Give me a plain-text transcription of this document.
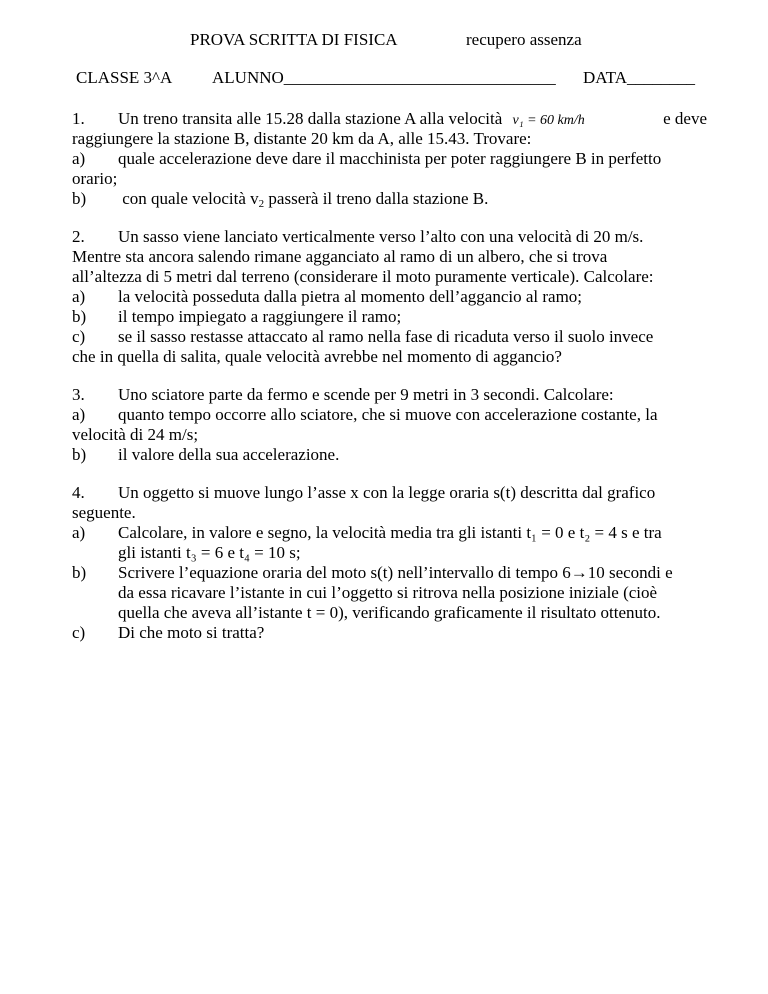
PROVA SCRITTA DI FISICA	recupero assenza
CLASSE 3^A ALUNNO________________________________ DATA________
1. Un treno transita alle 15.28 dalla stazione A alla velocità v₁ = 60 km/h	e deve
raggiungere la stazione B, distante 20 km da A, alle 15.43. Trovare:
a) quale accelerazione deve dare il macchinista per poter raggiungere B in perfetto
orario;
b) con quale velocità $v_2$ passerà il treno dalla stazione B.
2. Un sasso viene lanciato verticalmente verso l’alto con una velocità di 20 m/s.
Mentre sta ancora salendo rimane agganciato al ramo di un albero, che si trova
all’altezza di 5 metri dal terreno (considerare il moto puramente verticale). Calcolare:
a) la velocità posseduta dalla pietra al momento dell’aggancio al ramo;
b) il tempo impiegato a raggiungere il ramo;
c) se il sasso restasse attaccato al ramo nella fase di ricaduta verso il suolo invece
che in quella di salita, quale velocità avrebbe nel momento di aggancio?
3. Uno sciatore parte da fermo e scende per 9 metri in 3 secondi. Calcolare:
a) quanto tempo occorre allo sciatore, che si muove con accelerazione costante, la
velocità di 24 m/s;
b) il valore della sua accelerazione.
4. Un oggetto si muove lungo l’asse x con la legge oraria s(t) descritta dal grafico
seguente.
a) Calcolare, in valore e segno, la velocità media tra gli istanti t₁ = 0 e t₂ = 4 s e tra
gli istanti t₃ = 6 e t₄ = 10 s;
b) Scrivere l’equazione oraria del moto s(t) nell’intervallo di tempo 6→10 secondi e
da essa ricavare l’istante in cui l’oggetto si ritrova nella posizione iniziale (cioè
quella che aveva all’istante t = 0), verificando graficamente il risultato ottenuto.
c) Di che moto si tratta?
